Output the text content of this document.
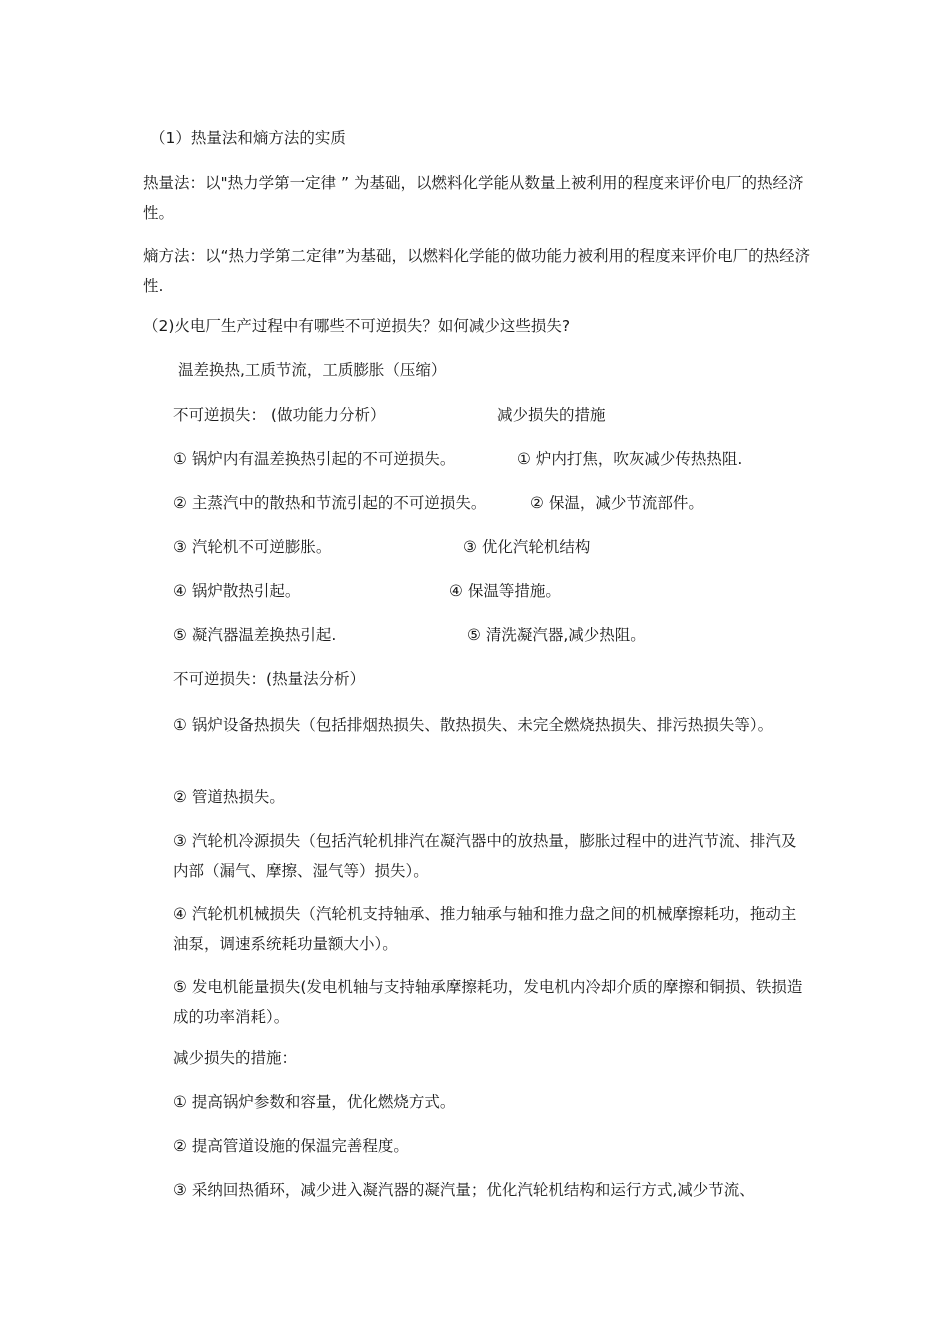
（1）热量法和熵方法的实质
热量法：以"热力学第一定律 ” 为基础，以燃料化学能从数量上被利用的程度来评价电厂的热经济性。
熵方法：以“热力学第二定律”为基础，以燃料化学能的做功能力被利用的程度来评价电厂的热经济性.
（2)火电厂生产过程中有哪些不可逆损失？如何减少这些损失?
温差换热,工质节流，工质膨胀（压缩）
不可逆损失： (做功能力分析）	减少损失的措施
① 锅炉内有温差换热引起的不可逆损失。	① 炉内打焦，吹灰减少传热热阻.
② 主蒸汽中的散热和节流引起的不可逆损失。	② 保温，减少节流部件。
③ 汽轮机不可逆膨胀。	③ 优化汽轮机结构
④ 锅炉散热引起。	④ 保温等措施。
⑤ 凝汽器温差换热引起.	⑤ 清洗凝汽器,减少热阻。
不可逆损失：(热量法分析）
① 锅炉设备热损失（包括排烟热损失、散热损失、未完全燃烧热损失、排污热损失等）。
② 管道热损失。
③ 汽轮机冷源损失（包括汽轮机排汽在凝汽器中的放热量，膨胀过程中的进汽节流、排汽及内部（漏气、摩擦、湿气等）损失）。
④ 汽轮机机械损失（汽轮机支持轴承、推力轴承与轴和推力盘之间的机械摩擦耗功，拖动主油泵，调速系统耗功量额大小）。
⑤ 发电机能量损失(发电机轴与支持轴承摩擦耗功，发电机内冷却介质的摩擦和铜损、铁损造成的功率消耗）。
减少损失的措施：
① 提高锅炉参数和容量，优化燃烧方式。
② 提高管道设施的保温完善程度。
③ 采纳回热循环，减少进入凝汽器的凝汽量；优化汽轮机结构和运行方式,减少节流、
